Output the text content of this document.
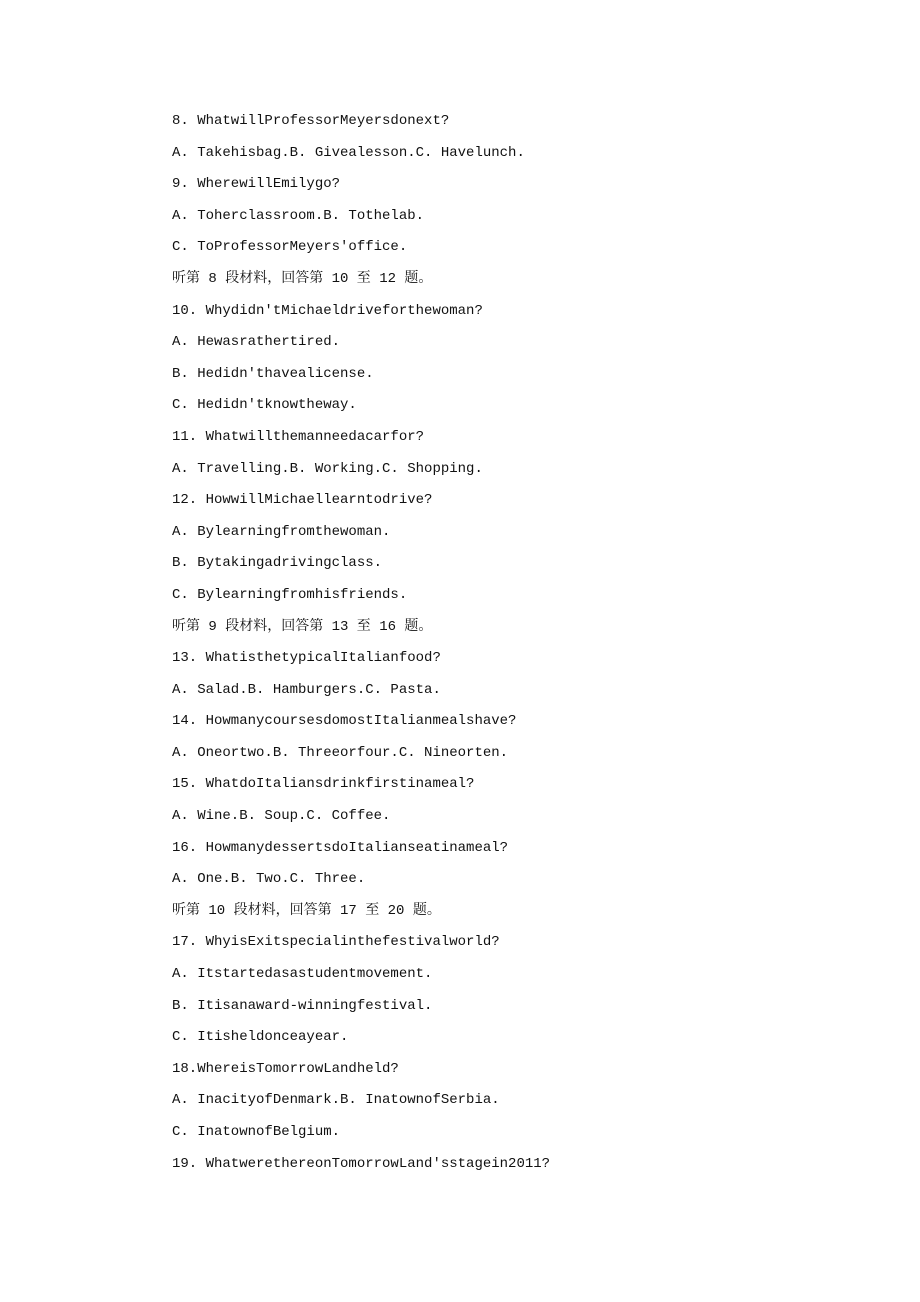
8. WhatwillProfessorMeyersdonext?
A. Takehisbag.B. Givealesson.C. Havelunch.
9. WherewillEmilygo?
A. Toherclassroom.B. Tothelab.
C. ToProfessorMeyers'office.
听第 8 段材料，回答第 10 至 12 题。
10. Whydidn'tMichaeldriveforthewoman?
A. Hewasrathertired.
B. Hedidn'thavealicense.
C. Hedidn'tknowtheway.
11. Whatwillthemanneedacarfor?
A. Travelling.B. Working.C. Shopping.
12. HowwillMichaellearntodrive?
A. Bylearningfromthewoman.
B. Bytakingadrivingclass.
C. Bylearningfromhisfriends.
听第 9 段材料，回答第 13 至 16 题。
13. WhatisthetypicalItalianfood?
A. Salad.B. Hamburgers.C. Pasta.
14. HowmanycoursesdomostItalianmealshave?
A. Oneortwo.B. Threeorfour.C. Nineorten.
15. WhatdoItaliansdrinkfirstinameal?
A. Wine.B. Soup.C. Coffee.
16. HowmanydessertsdoItalianseatinameal?
A. One.B. Two.C. Three.
听第 10 段材料，回答第 17 至 20 题。
17. WhyisExitspecialinthefestivalworld?
A. Itstartedasastudentmovement.
B. Itisanaward-winningfestival.
C. Itisheldonceayear.
18.WhereisTomorrowLandheld?
A. InacityofDenmark.B. InatownofSerbia.
C. InatownofBelgium.
19. WhatwerethereonTomorrowLand'sstagein2011?
